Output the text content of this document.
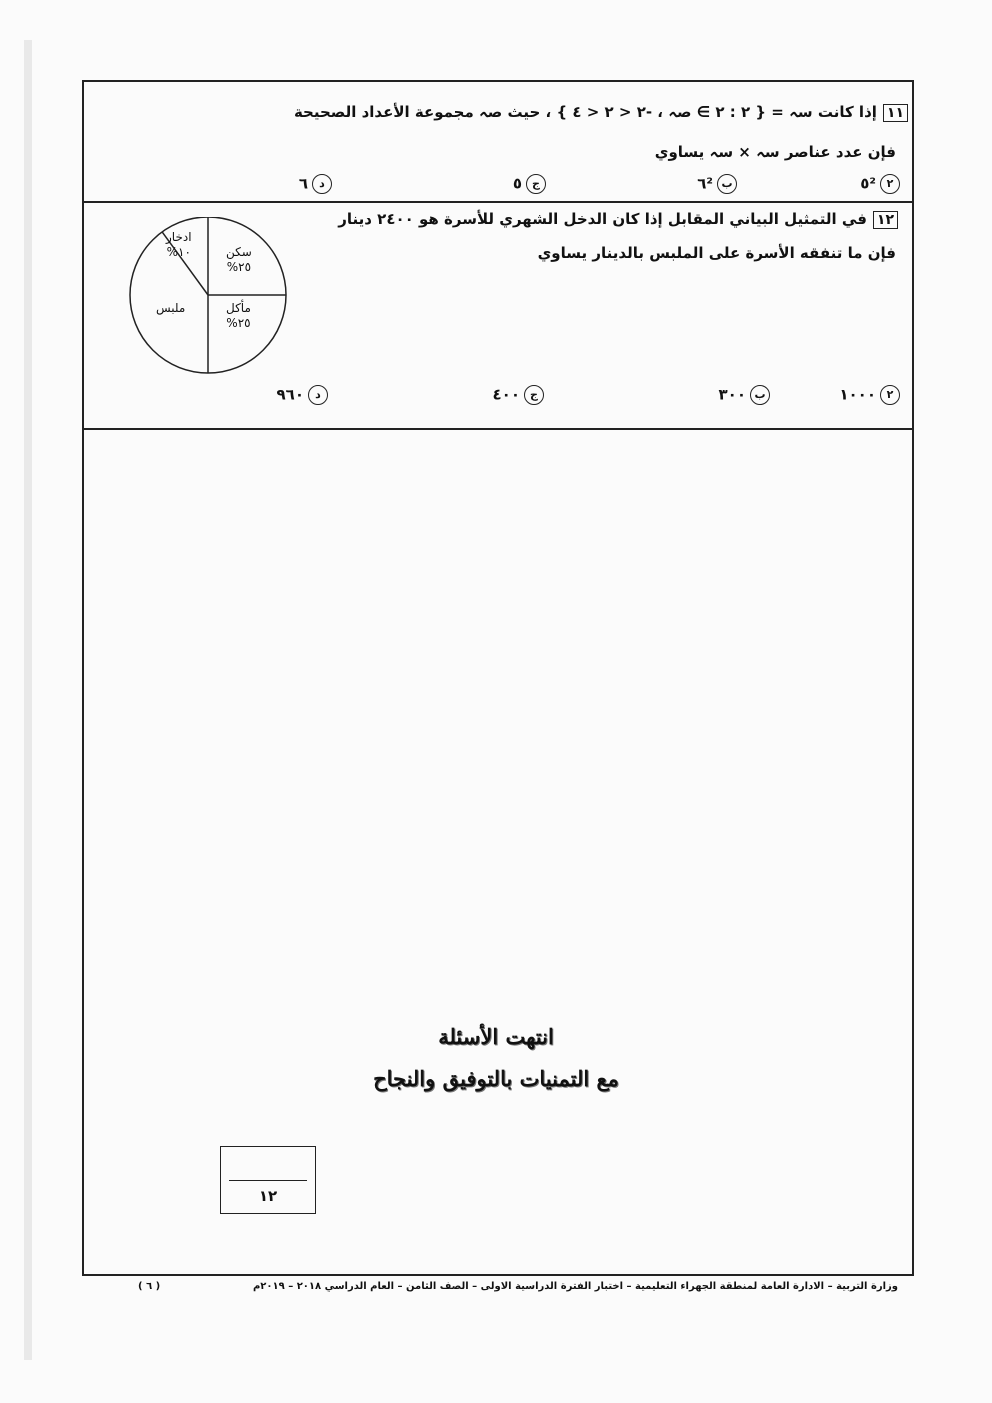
١١إذا كانت سہ = { ٢ : ٢ ∋ صہ ، -٢ < ٢ < ٤ } ، حيث صہ مجموعة الأعداد الصحيحة
فإن عدد عناصر سہ × سہ يساوي
٢٥²
ب٦²
ج٥
د٦
١٢في التمثيل البياني المقابل إذا كان الدخل الشهري للأسرة هو ٢٤٠٠ دينار
فإن ما تنفقه الأسرة على الملبس بالدينار يساوي
ادخار
١٠%	سكن
٢٥%
مأكل
٢٥%
ملبس
٢١٠٠٠
ب٣٠٠
ج٤٠٠
د٩٦٠
انتهت الأسئلة
مع التمنيات بالتوفيق والنجاح
١٢
وزارة التربية – الادارة العامة لمنطقة الجهراء التعليمية – اختبار الفترة الدراسية الاولى – الصف الثامن – العام الدراسي ٢٠١٨ – ٢٠١٩م
( ٦ )
